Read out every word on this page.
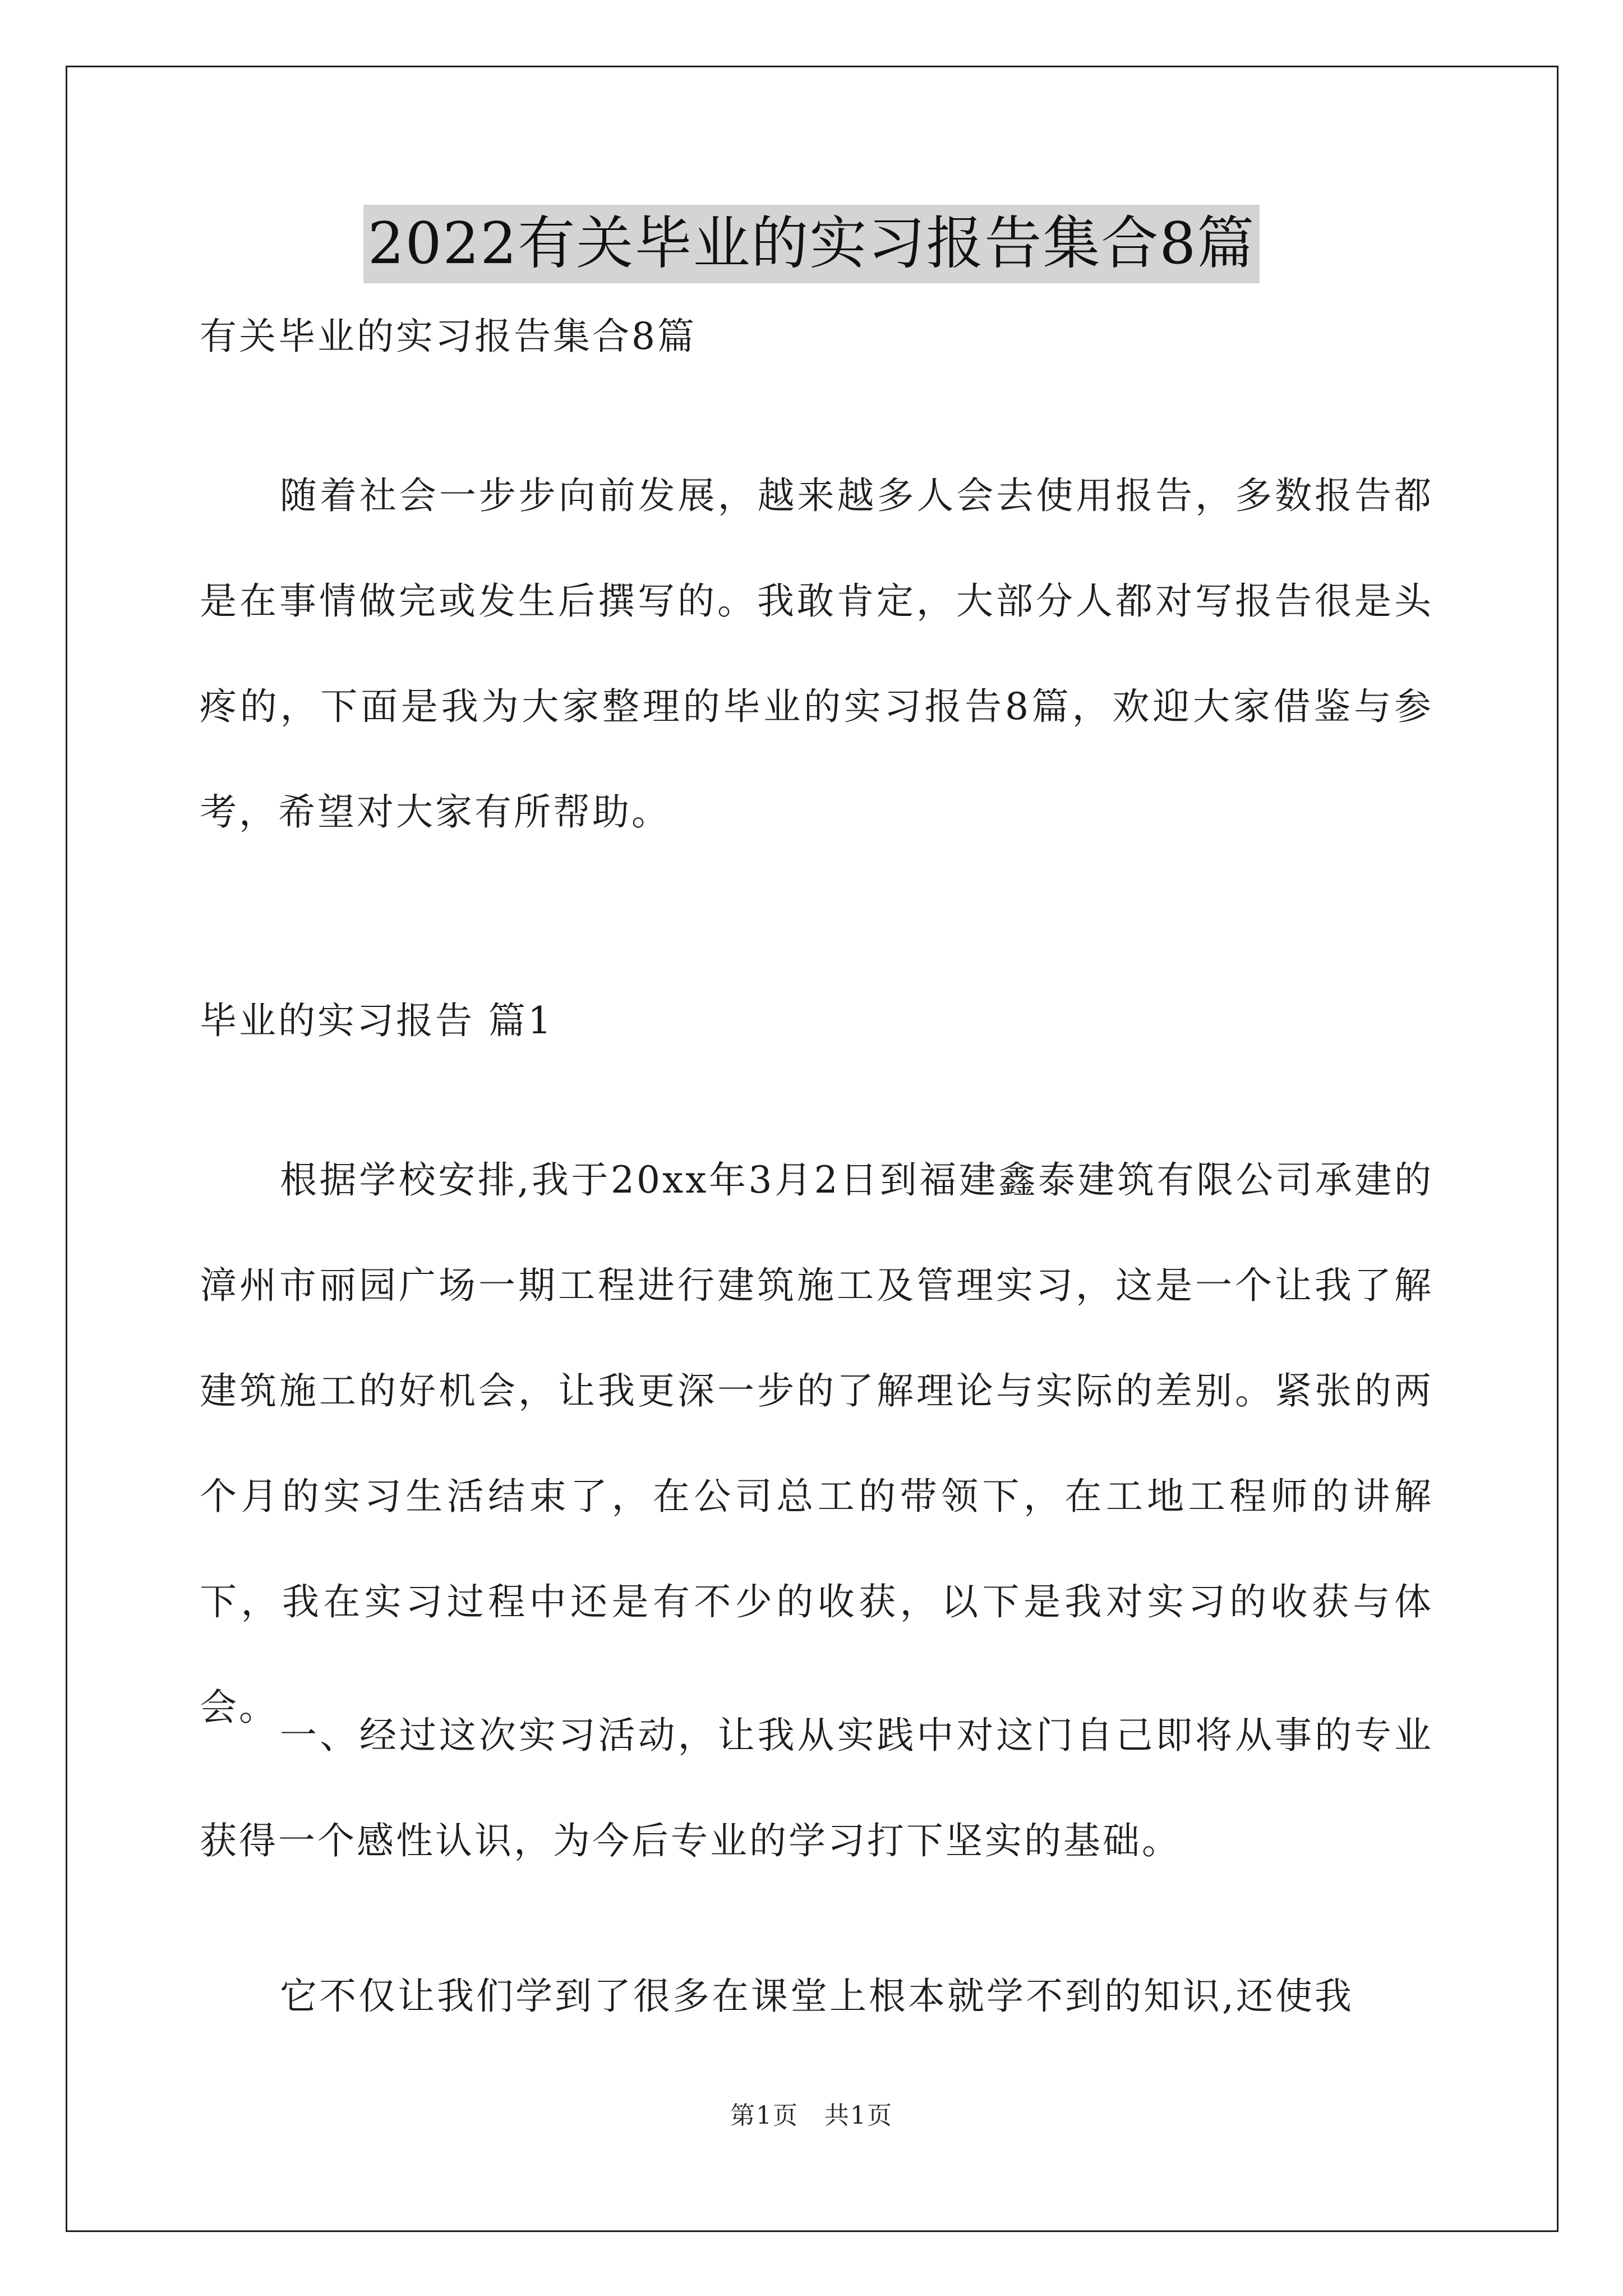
2022有关毕业的实习报告集合8篇
有关毕业的实习报告集合8篇
随着社会一步步向前发展，越来越多人会去使用报告，多数报告都是在事情做完或发生后撰写的。我敢肯定，大部分人都对写报告很是头疼的，下面是我为大家整理的毕业的实习报告8篇，欢迎大家借鉴与参考，希望对大家有所帮助。
毕业的实习报告 篇1
根据学校安排,我于20xx年3月2日到福建鑫泰建筑有限公司承建的漳州市丽园广场一期工程进行建筑施工及管理实习，这是一个让我了解建筑施工的好机会，让我更深一步的了解理论与实际的差别。紧张的两个月的实习生活结束了，在公司总工的带领下，在工地工程师的讲解下，我在实习过程中还是有不少的收获，以下是我对实习的收获与体会。
一、经过这次实习活动，让我从实践中对这门自己即将从事的专业获得一个感性认识，为今后专业的学习打下坚实的基础。
它不仅让我们学到了很多在课堂上根本就学不到的知识,还使我
第1页　共1页
